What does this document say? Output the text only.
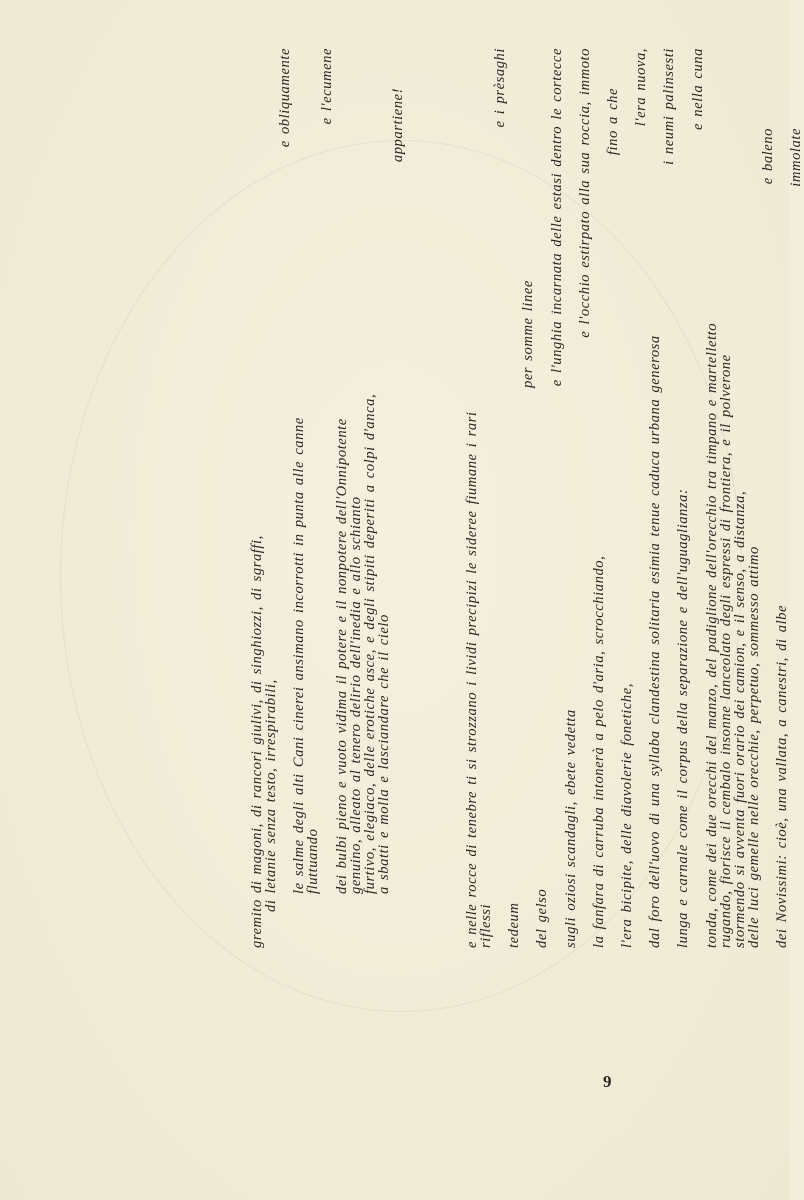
gremito di magoni, di rancori giulivi, di singhiozzi, di sgraffi,
di letanie senza testo, irrespirabili,
e obliquamente
le salme degli alti Cani cinerei ansimano incorrotti in punta alle canne
fluttuando
e l'ecumene
dei bulbi pieno e vuoto vidima il potere e il nonpotere dell'Onnipotente
genuino, alleato al tenero delirio dell'inedia e allo schianto
furtivo, elegiaco, delle erotiche asce, e degli stipiti deperiti a colpi d'anca,
a sbatti e molla e lasciandare che il cielo
appartiene!
e nelle rocce di tenebre ti si strozzano i lividi precipizi le sideree fiumane i rari
riflessi
e i prèsaghi
tedeum
per somme linee
del gelso
e l'unghia incarnata delle estasi dentro le cortecce
sugli oziosi scandagli, ebete vedetta
e l'occhio estirpato alla sua roccia, immoto
la fanfara di carruba intonerà a pelo d'aria, scrocchiando,
fino a che
l'era bicipite, delle diavolerie fonetiche,
l'era nuova,
dal foro dell'uovo di una syllaba clandestina solitaria esimia tenue caduca urbana generosa
i neumi palinsesti
lunga e carnale come il corpus della separazione e dell'uguaglianza:
e nella cuna
tonda, come dei due orecchi del manzo, del padiglione dell'orecchio tra timpano e martelletto
rugando, fiorisce il cembalo insonne lanceolato degli espressi di frontiera, e il polverone
stormendo si avventa fuori orario dei camion, e il senso, a distanza,
delle luci gemelle nelle orecchie, perpetuo, sommesso attimo
e baleno
dei Novissimi: cioè, una vallata, a canestri, di albe
immolate
9
